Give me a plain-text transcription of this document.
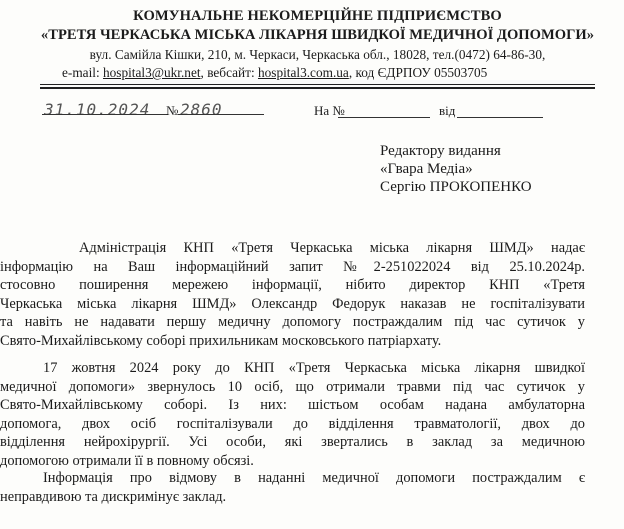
КОМУНАЛЬНЕ НЕКОМЕРЦІЙНЕ ПІДПРИЄМСТВО
«ТРЕТЯ ЧЕРКАСЬКА МІСЬКА ЛІКАРНЯ ШВИДКОЇ МЕДИЧНОЇ ДОПОМОГИ»
вул. Самійла Кішки, 210, м. Черкаси, Черкаська обл., 18028, тел.(0472) 64-86-30,
e-mail: hospital3@ukr.net, вебсайт: hospital3.com.ua, код ЄДРПОУ 05503705
31.10.2024	№ 2860	На №	від
Редактору видання
«Гвара Медіа»
Сергію ПРОКОПЕНКО
Адміністрація КНП «Третя Черкаська міська лікарня ШМД» надає
інформацію на Ваш інформаційний запит №2-251022024 від 25.10.2024р.
стосовно поширення мережею інформації, нібито директор КНП «Третя
Черкаська міська лікарня ШМД» Олександр Федорук наказав не госпіталізувати
та навіть не надавати першу медичну допомогу постраждалим під час сутичок у
Свято-Михайлівському соборі прихильникам московського патріархату.
17 жовтня 2024 року до КНП «Третя Черкаська міська лікарня швидкої
медичної допомоги» звернулось 10 осіб, що отримали травми під час сутичок у
Свято-Михайлівському соборі. Із них: шістьом особам надана амбулаторна
допомога, двох осіб госпіталізували до відділення травматології, двох до
відділення нейрохірургії. Усі особи, які звертались в заклад за медичною
допомогою отримали її в повному обсязі.
Інформація про відмову в наданні медичної допомоги постраждалим є
неправдивою та дискримінує заклад.
